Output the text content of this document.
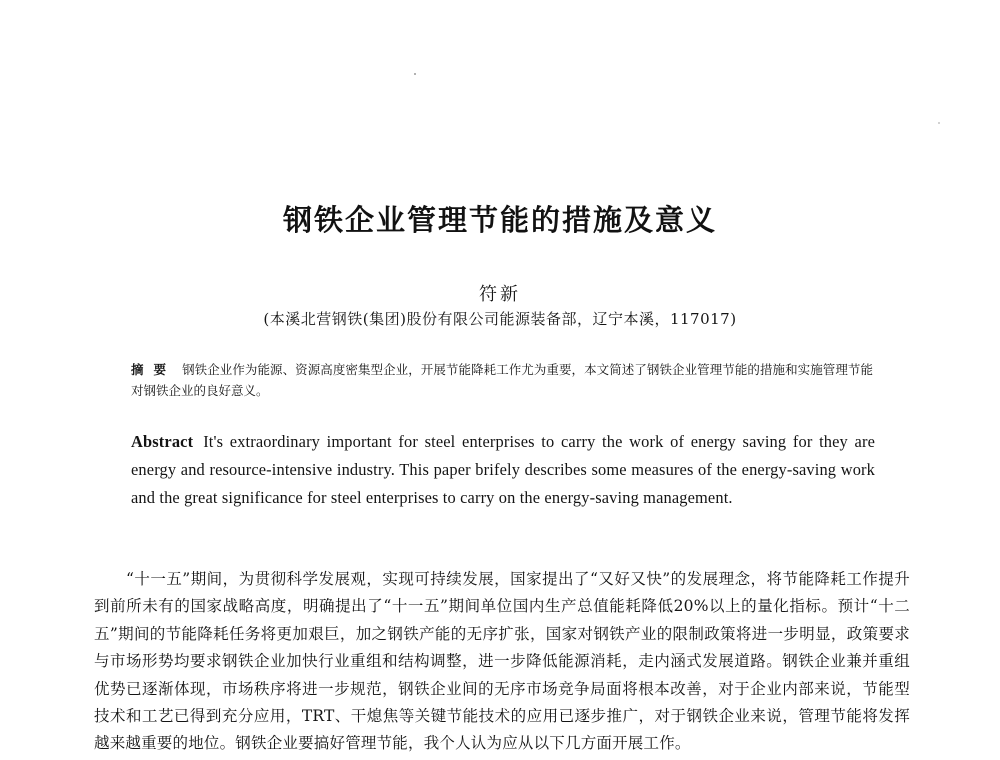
钢铁企业管理节能的措施及意义
符新
(本溪北营钢铁(集团)股份有限公司能源装备部，辽宁本溪，117017)
摘要 钢铁企业作为能源、资源高度密集型企业，开展节能降耗工作尤为重要，本文简述了钢铁企业管理节能的措施和实施管理节能对钢铁企业的良好意义。
Abstract It's extraordinary important for steel enterprises to carry the work of energy saving for they are energy and resource-intensive industry. This paper brifely describes some measures of the energy-saving work and the great significance for steel enterprises to carry on the energy-saving management.
“十一五”期间，为贯彻科学发展观，实现可持续发展，国家提出了“又好又快”的发展理念，将节能降耗工作提升到前所未有的国家战略高度，明确提出了“十一五”期间单位国内生产总值能耗降低20%以上的量化指标。预计“十二五”期间的节能降耗任务将更加艰巨，加之钢铁产能的无序扩张，国家对钢铁产业的限制政策将进一步明显，政策要求与市场形势均要求钢铁企业加快行业重组和结构调整，进一步降低能源消耗，走内涵式发展道路。钢铁企业兼并重组优势已逐渐体现，市场秩序将进一步规范，钢铁企业间的无序市场竞争局面将根本改善，对于企业内部来说，节能型技术和工艺已得到充分应用，TRT、干熄焦等关键节能技术的应用已逐步推广，对于钢铁企业来说，管理节能将发挥越来越重要的地位。钢铁企业要搞好管理节能，我个人认为应从以下几方面开展工作。
